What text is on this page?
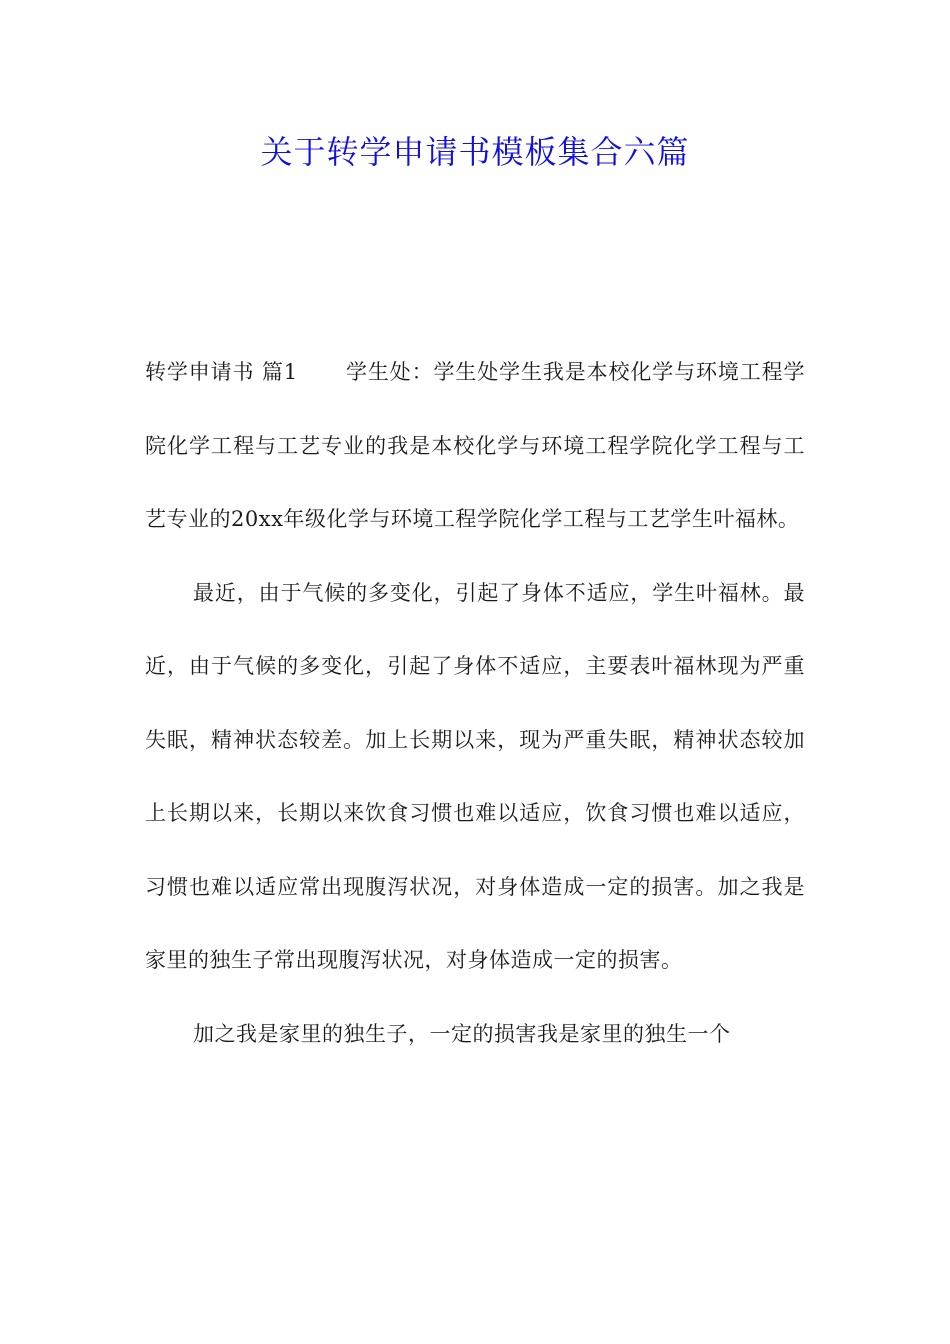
关于转学申请书模板集合六篇

转学申请书 篇1 学生处：学生处学生我是本校化学与环境工程学院化学工程与工艺专业的我是本校化学与环境工程学院化学工程与工艺专业的20xx年级化学与环境工程学院化学工程与工艺学生叶福林。

最近，由于气候的多变化，引起了身体不适应，学生叶福林。最近，由于气候的多变化，引起了身体不适应，主要表叶福林现为严重失眠，精神状态较差。加上长期以来，现为严重失眠，精神状态较加上长期以来，长期以来饮食习惯也难以适应，饮食习惯也难以适应，习惯也难以适应常出现腹泻状况，对身体造成一定的损害。加之我是家里的独生子常出现腹泻状况，对身体造成一定的损害。

加之我是家里的独生子，一定的损害我是家里的独生一个
